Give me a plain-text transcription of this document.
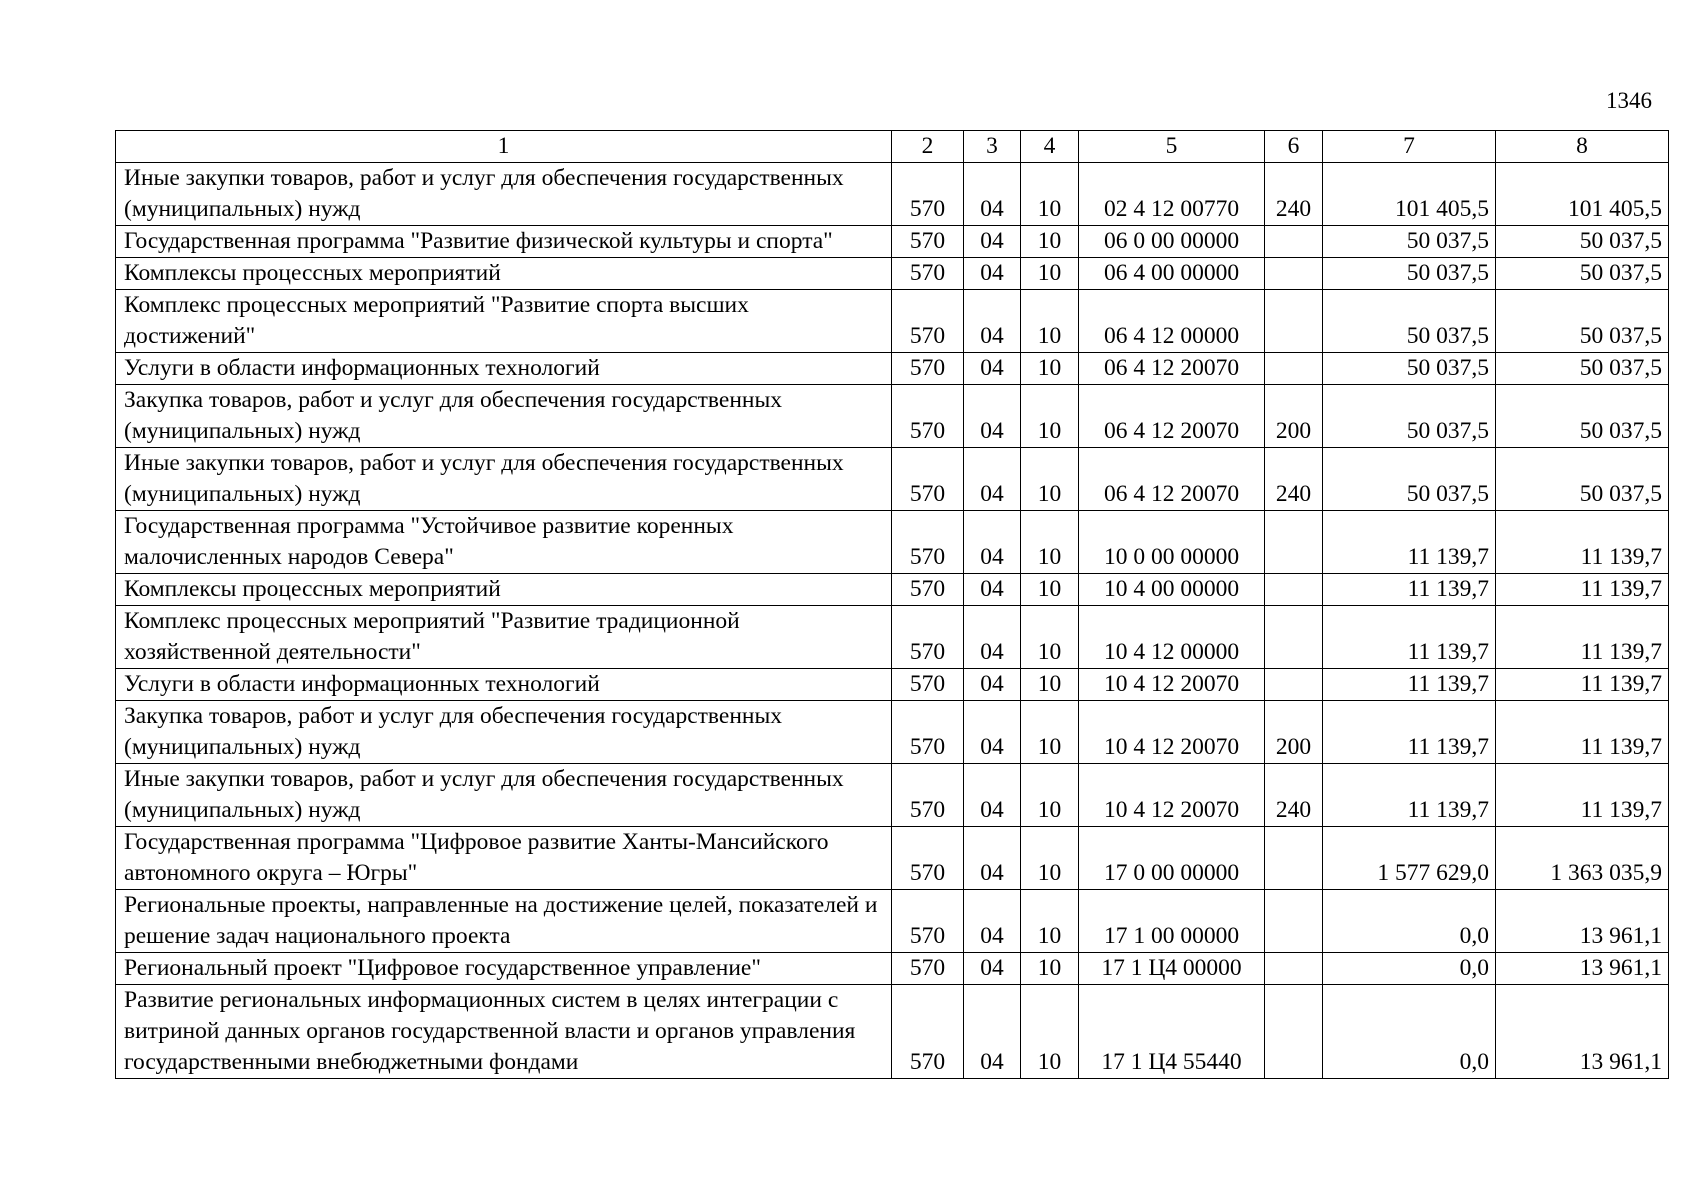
1346
1	2	3	4	5	6	7	8
Иные закупки товаров, работ и услуг для обеспечения государственных (муниципальных) нужд	570	04	10	02 4 12 00770	240	101 405,5	101 405,5
Государственная программа "Развитие физической культуры и спорта"	570	04	10	06 0 00 00000		50 037,5	50 037,5
Комплексы процессных мероприятий	570	04	10	06 4 00 00000		50 037,5	50 037,5
Комплекс процессных мероприятий "Развитие спорта высших достижений"	570	04	10	06 4 12 00000		50 037,5	50 037,5
Услуги в области информационных технологий	570	04	10	06 4 12 20070		50 037,5	50 037,5
Закупка товаров, работ и услуг для обеспечения государственных (муниципальных) нужд	570	04	10	06 4 12 20070	200	50 037,5	50 037,5
Иные закупки товаров, работ и услуг для обеспечения государственных (муниципальных) нужд	570	04	10	06 4 12 20070	240	50 037,5	50 037,5
Государственная программа "Устойчивое развитие коренных малочисленных народов Севера"	570	04	10	10 0 00 00000		11 139,7	11 139,7
Комплексы процессных мероприятий	570	04	10	10 4 00 00000		11 139,7	11 139,7
Комплекс процессных мероприятий "Развитие традиционной хозяйственной деятельности"	570	04	10	10 4 12 00000		11 139,7	11 139,7
Услуги в области информационных технологий	570	04	10	10 4 12 20070		11 139,7	11 139,7
Закупка товаров, работ и услуг для обеспечения государственных (муниципальных) нужд	570	04	10	10 4 12 20070	200	11 139,7	11 139,7
Иные закупки товаров, работ и услуг для обеспечения государственных (муниципальных) нужд	570	04	10	10 4 12 20070	240	11 139,7	11 139,7
Государственная программа "Цифровое развитие Ханты-Мансийского автономного округа – Югры"	570	04	10	17 0 00 00000		1 577 629,0	1 363 035,9
Региональные проекты, направленные на достижение целей, показателей и решение задач национального проекта	570	04	10	17 1 00 00000		0,0	13 961,1
Региональный проект "Цифровое государственное управление"	570	04	10	17 1 Ц4 00000		0,0	13 961,1
Развитие региональных информационных систем в целях интеграции с витриной данных органов государственной власти и органов управления государственными внебюджетными фондами	570	04	10	17 1 Ц4 55440		0,0	13 961,1
